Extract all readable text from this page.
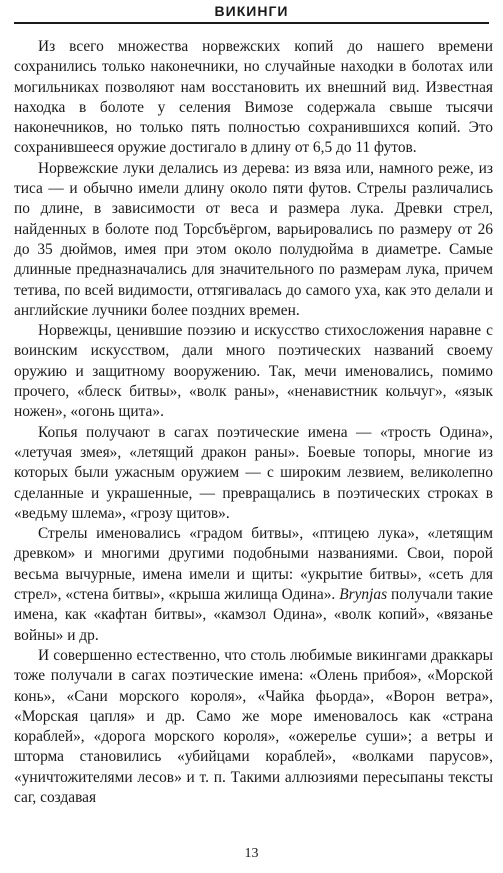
ВИКИНГИ

Из всего множества норвежских копий до нашего времени сохранились только наконечники, но случайные находки в болотах или могильниках позволяют нам восстановить их внешний вид. Известная находка в болоте у селения Вимозе содержала свыше тысячи наконечников, но только пять полностью сохранившихся копий. Это сохранившееся оружие достигало в длину от 6,5 до 11 футов.

Норвежские луки делались из дерева: из вяза или, намного реже, из тиса — и обычно имели длину около пяти футов. Стрелы различались по длине, в зависимости от веса и размера лука. Древки стрел, найденных в болоте под Торсбъёргом, варьировались по размеру от 26 до 35 дюймов, имея при этом около полудюйма в диаметре. Самые длинные предназначались для значительного по размерам лука, причем тетива, по всей видимости, оттягивалась до самого уха, как это делали и английские лучники более поздних времен.

Норвежцы, ценившие поэзию и искусство стихосложения наравне с воинским искусством, дали много поэтических названий своему оружию и защитному вооружению. Так, мечи именовались, помимо прочего, «блеск битвы», «волк раны», «ненавистник кольчуг», «язык ножен», «огонь щита».

Копья получают в сагах поэтические имена — «трость Одина», «летучая змея», «летящий дракон раны». Боевые топоры, многие из которых были ужасным оружием — с широким лезвием, великолепно сделанные и украшенные, — превращались в поэтических строках в «ведьму шлема», «грозу щитов».

Стрелы именовались «градом битвы», «птицею лука», «летящим древком» и многими другими подобными названиями. Свои, порой весьма вычурные, имена имели и щиты: «укрытие битвы», «сеть для стрел», «стена битвы», «крыша жилища Одина». Brynjas получали такие имена, как «кафтан битвы», «камзол Одина», «волк копий», «вязанье войны» и др.

И совершенно естественно, что столь любимые викингами драккары тоже получали в сагах поэтические имена: «Олень прибоя», «Морской конь», «Сани морского короля», «Чайка фьорда», «Ворон ветра», «Морская цапля» и др. Само же море именовалось как «страна кораблей», «дорога морского короля», «ожерелье суши»; а ветры и шторма становились «убийцами кораблей», «волками парусов», «уничтожителями лесов» и т. п. Такими аллюзиями пересыпаны тексты саг, создавая

13
